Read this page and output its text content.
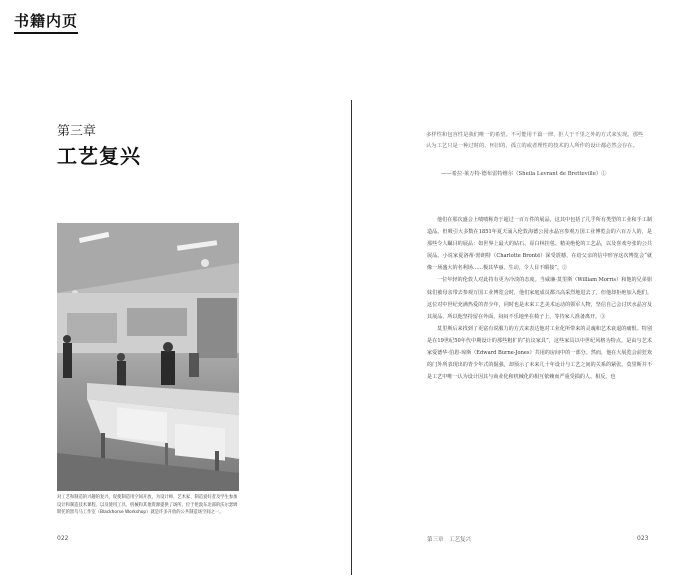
书籍内页
第三章
工艺复兴
对工艺和制造的兴趣的复兴，促使制造用空间开放，为设计师、艺术家、制造爱好者及学生参加设计和制造技术课程、以及使用工具、机械和其他资源提供了场所。位于伦敦东北部的沃尔瑟姆斯托的黑鸟马工作室（Blackhorse Workshop）就是许多开放的公共制造场空间之一。
022
多样性和包容性是我们唯一的希望。不可能用千篇一律、拒人于千里之外的方式来实现。那些认为工艺只是一种过时的、怀旧的、孤立的或者理性的技术的人所作的设计都必然会存在。
——希拉·莱万特·德布雷特维尔（Sheila Levrant de Bretteville）①

他们在那次盛会上啧啧称奇于超过一百万件的展品，这其中包括了几乎所有类型的工业和手工制造品。但吸引大多数在1851年夏天涌入伦敦海德公园水晶宫参观万国工业博览会的六百万人的，是那些令人瞩目的展品：如世界上最大的钻石、哥白林挂毯、精美绝伦的工艺品，以及喜欢夸张的公共展品。小说家夏洛蒂·勃朗特（Charlotte Brontë）深受震撼，在给父亲的信中形容这次博览会“就像一场盛大的名利场……极其华丽、生动，令人目不暇接”。②

一位年轻的伦敦人对此持有更为冷淡的态度。当威廉·莫里斯（William Morris）和他的兄弟姐妹们被母亲带去参观万国工业博览会时，他们家庭成员都兴高采烈地进去了，但他却拒绝加入他们。这位对中世纪充满热爱的青少年，同时也是未来工艺美术运动的领军人物，坚信自己会讨厌水晶宫及其展品，所以他坚持留在外面，闷闷不乐地坐在椅子上，等待家人准备离开。③

莫里斯后来找到了更富有说服力的方式来表达他对工业化所带来的灵魂和艺术衰退的痛恨。特别是在19世纪50年代中期设计的那些粗犷的“抗议家具”，这些家具以中世纪风格为特点，是由与艺术家爱德华·伯恩-琼斯（Edward Burne-Jones）共用的房间中的一部分。然而，他在大展览会前狂欢的门外所表现出的青少年式的倔强，却预示了未来几十年设计与工艺之间的关系的紧张。莫里斯并不是工艺中唯一认为设计因其与商业化和机械化的相互依赖而严重受损的人。相反，也

第三章　工艺复兴	023
